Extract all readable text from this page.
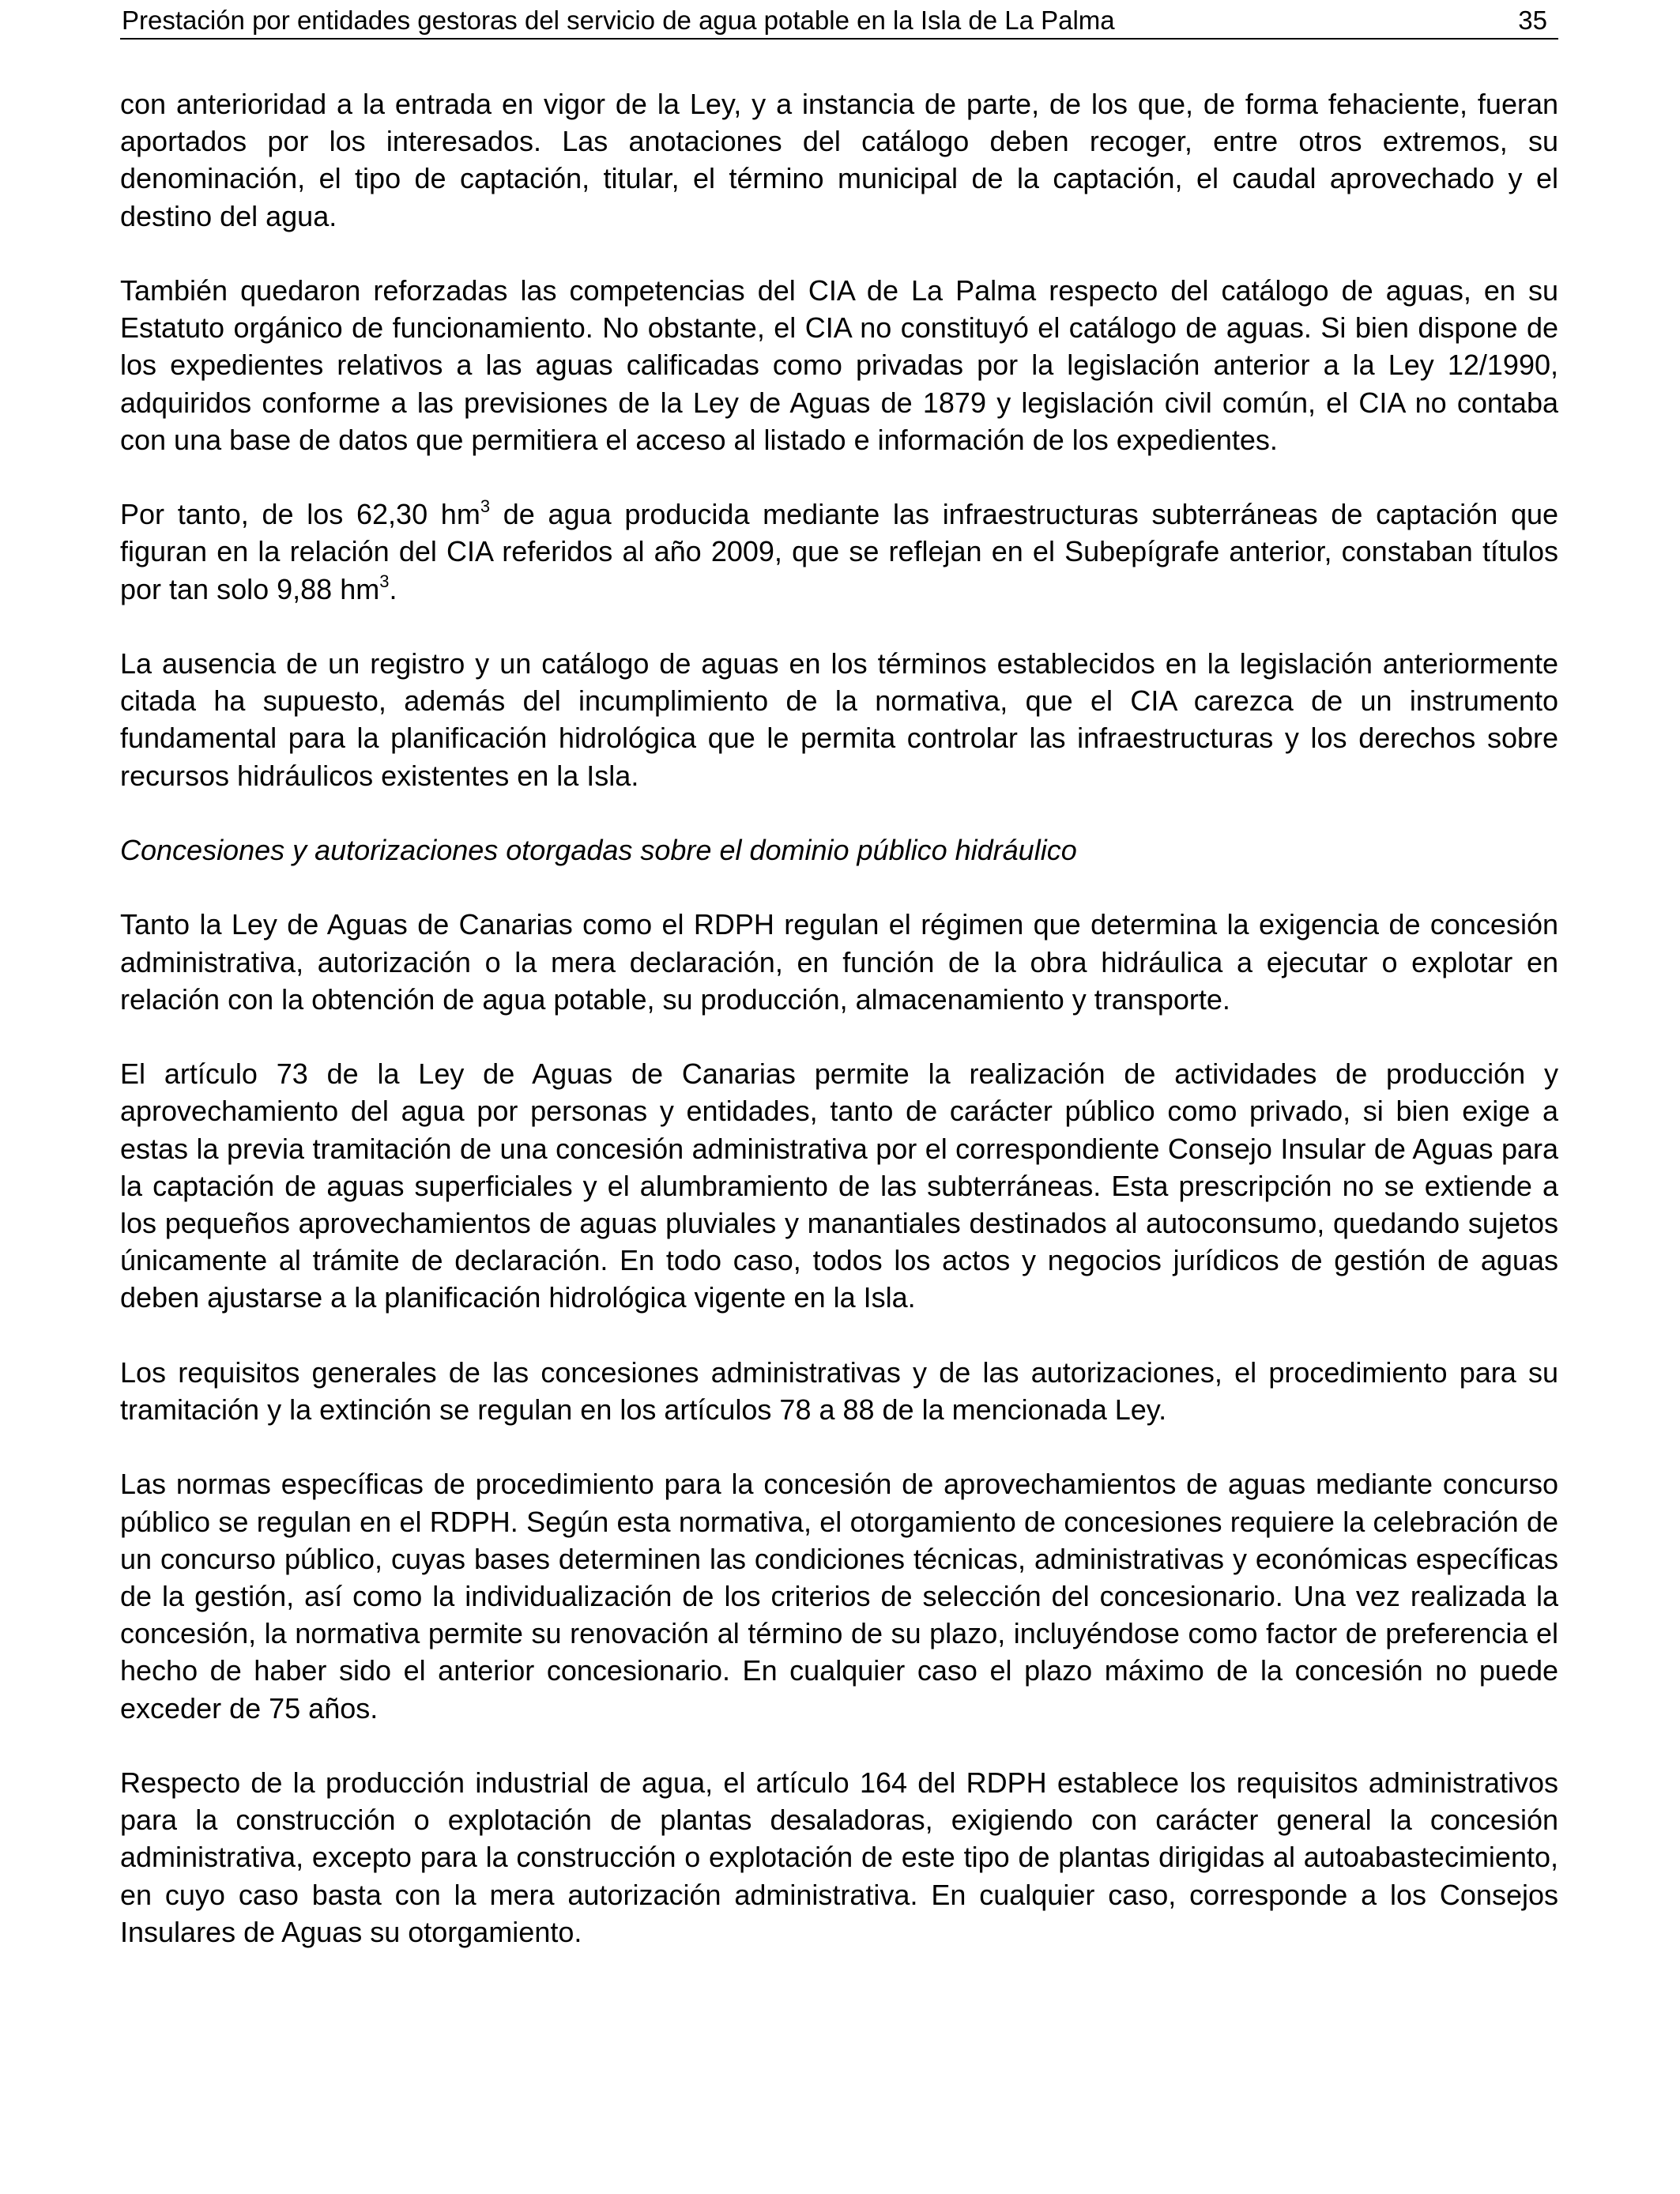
Prestación por entidades gestoras del servicio de agua potable en la Isla de La Palma	35

con anterioridad a la entrada en vigor de la Ley, y a instancia de parte, de los que, de forma fehaciente, fueran aportados por los interesados. Las anotaciones del catálogo deben recoger, entre otros extremos, su denominación, el tipo de captación, titular, el término municipal de la captación, el caudal aprovechado y el destino del agua.

También quedaron reforzadas las competencias del CIA de La Palma respecto del catálogo de aguas, en su Estatuto orgánico de funcionamiento. No obstante, el CIA no constituyó el catálogo de aguas. Si bien dispone de los expedientes relativos a las aguas calificadas como privadas por la legislación anterior a la Ley 12/1990, adquiridos conforme a las previsiones de la Ley de Aguas de 1879 y legislación civil común, el CIA no contaba con una base de datos que permitiera el acceso al listado e información de los expedientes.

Por tanto, de los 62,30 $hm^3$ de agua producida mediante las infraestructuras subterráneas de captación que figuran en la relación del CIA referidos al año 2009, que se reflejan en el Subepígrafe anterior, constaban títulos por tan solo 9,88 $hm^3$.

La ausencia de un registro y un catálogo de aguas en los términos establecidos en la legislación anteriormente citada ha supuesto, además del incumplimiento de la normativa, que el CIA carezca de un instrumento fundamental para la planificación hidrológica que le permita controlar las infraestructuras y los derechos sobre recursos hidráulicos existentes en la Isla.

Concesiones y autorizaciones otorgadas sobre el dominio público hidráulico

Tanto la Ley de Aguas de Canarias como el RDPH regulan el régimen que determina la exigencia de concesión administrativa, autorización o la mera declaración, en función de la obra hidráulica a ejecutar o explotar en relación con la obtención de agua potable, su producción, almacenamiento y transporte.

El artículo 73 de la Ley de Aguas de Canarias permite la realización de actividades de producción y aprovechamiento del agua por personas y entidades, tanto de carácter público como privado, si bien exige a estas la previa tramitación de una concesión administrativa por el correspondiente Consejo Insular de Aguas para la captación de aguas superficiales y el alumbramiento de las subterráneas. Esta prescripción no se extiende a los pequeños aprovechamientos de aguas pluviales y manantiales destinados al autoconsumo, quedando sujetos únicamente al trámite de declaración. En todo caso, todos los actos y negocios jurídicos de gestión de aguas deben ajustarse a la planificación hidrológica vigente en la Isla.

Los requisitos generales de las concesiones administrativas y de las autorizaciones, el procedimiento para su tramitación y la extinción se regulan en los artículos 78 a 88 de la mencionada Ley.

Las normas específicas de procedimiento para la concesión de aprovechamientos de aguas mediante concurso público se regulan en el RDPH. Según esta normativa, el otorgamiento de concesiones requiere la celebración de un concurso público, cuyas bases determinen las condiciones técnicas, administrativas y económicas específicas de la gestión, así como la individualización de los criterios de selección del concesionario. Una vez realizada la concesión, la normativa permite su renovación al término de su plazo, incluyéndose como factor de preferencia el hecho de haber sido el anterior concesionario. En cualquier caso el plazo máximo de la concesión no puede exceder de 75 años.

Respecto de la producción industrial de agua, el artículo 164 del RDPH establece los requisitos administrativos para la construcción o explotación de plantas desaladoras, exigiendo con carácter general la concesión administrativa, excepto para la construcción o explotación de este tipo de plantas dirigidas al autoabastecimiento, en cuyo caso basta con la mera autorización administrativa. En cualquier caso, corresponde a los Consejos Insulares de Aguas su otorgamiento.
